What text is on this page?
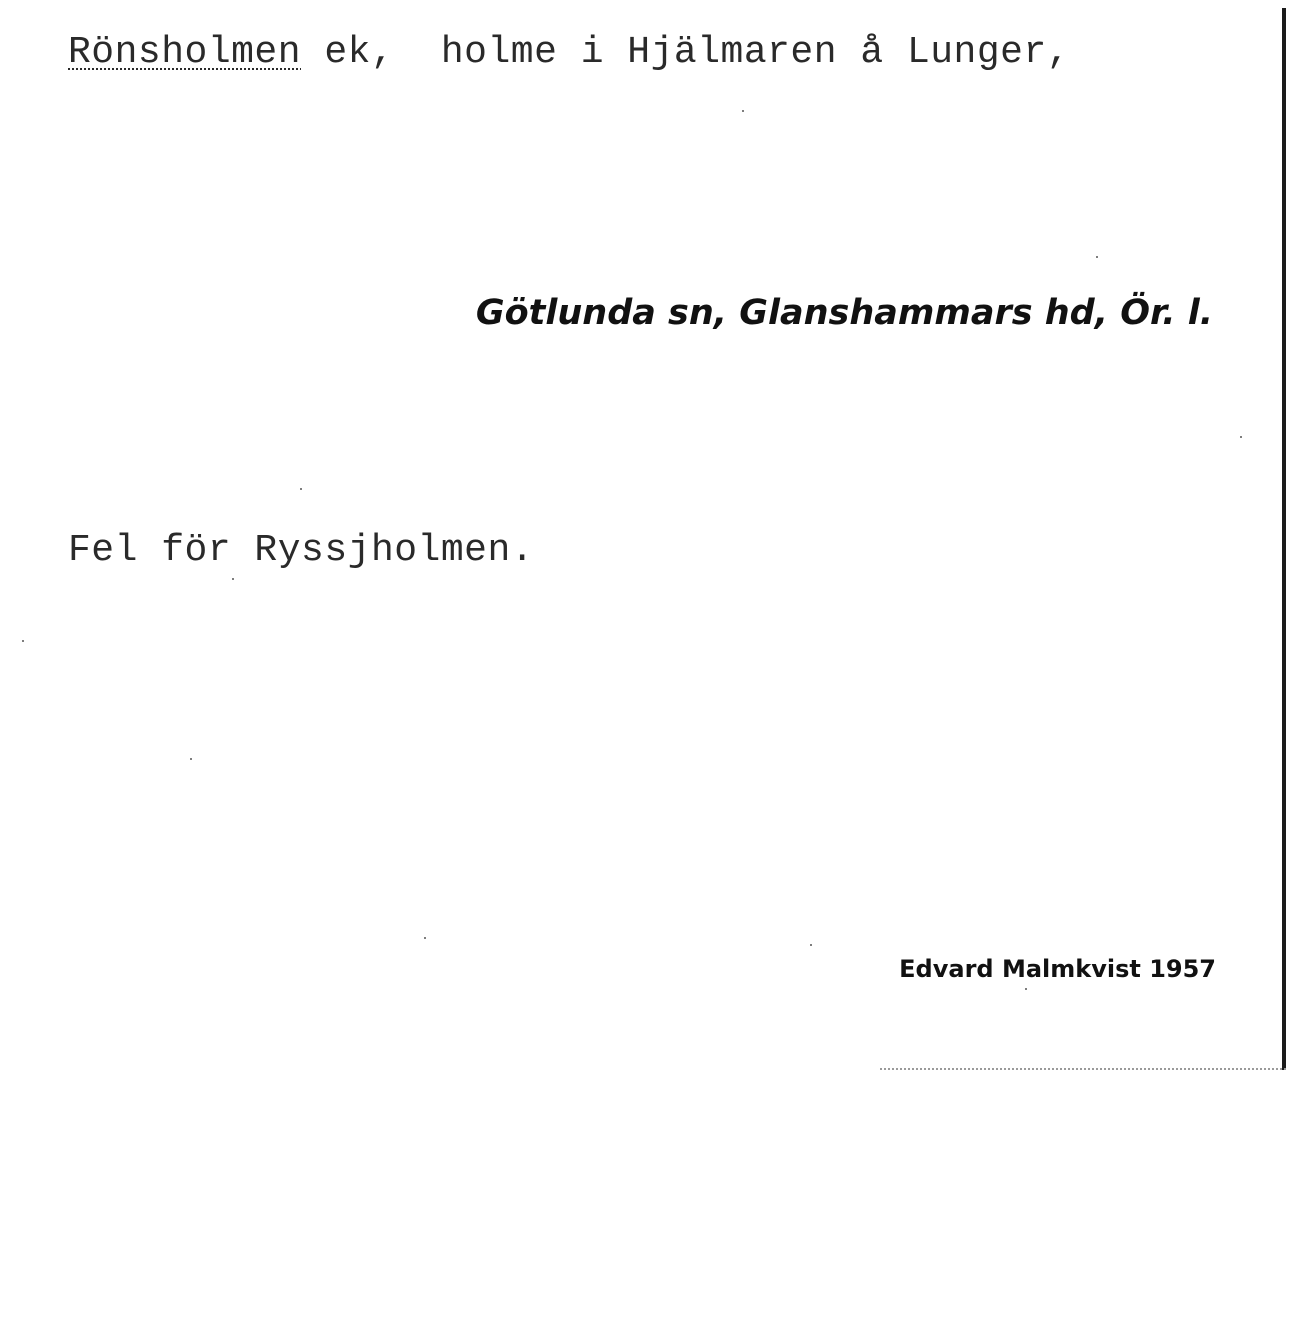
Rönsholmen ek,  holme i Hjälmaren å Lunger,
Götlunda sn, Glanshammars hd, Ör. l.
Fel för Ryssjholmen.
Edvard Malmkvist 1957
